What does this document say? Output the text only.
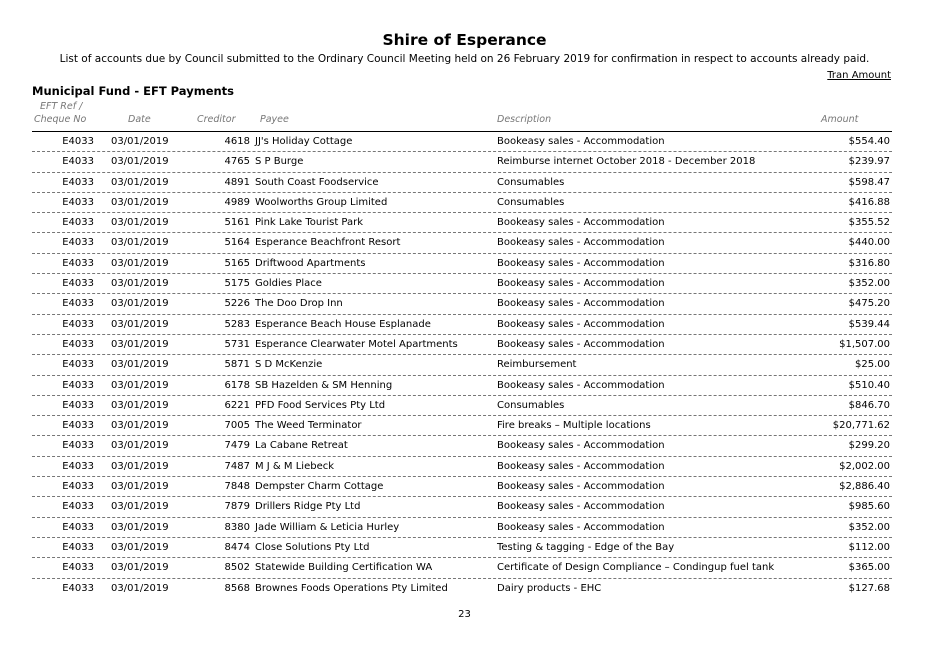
Shire of Esperance
List of accounts due by Council submitted to the Ordinary Council Meeting held on 26 February 2019 for confirmation in respect to accounts already paid.
Tran Amount
Municipal Fund - EFT Payments
EFT Ref /
Cheque No	Date	Creditor	Payee	Description	Amount
E4033 03/01/2019	4618 JJ's Holiday Cottage	Bookeasy sales - Accommodation	$554.40
E4033 03/01/2019	4765 S P Burge	Reimburse internet October 2018 - December 2018	$239.97
E4033 03/01/2019	4891 South Coast Foodservice	Consumables	$598.47
E4033 03/01/2019	4989 Woolworths Group Limited	Consumables	$416.88
E4033 03/01/2019	5161 Pink Lake Tourist Park	Bookeasy sales - Accommodation	$355.52
E4033 03/01/2019	5164 Esperance Beachfront Resort	Bookeasy sales - Accommodation	$440.00
E4033 03/01/2019	5165 Driftwood Apartments	Bookeasy sales - Accommodation	$316.80
E4033 03/01/2019	5175 Goldies Place	Bookeasy sales - Accommodation	$352.00
E4033 03/01/2019	5226 The Doo Drop Inn	Bookeasy sales - Accommodation	$475.20
E4033 03/01/2019	5283 Esperance Beach House Esplanade	Bookeasy sales - Accommodation	$539.44
E4033 03/01/2019	5731 Esperance Clearwater Motel Apartments	Bookeasy sales - Accommodation	$1,507.00
E4033 03/01/2019	5871 S D McKenzie	Reimbursement	$25.00
E4033 03/01/2019	6178 SB Hazelden & SM Henning	Bookeasy sales - Accommodation	$510.40
E4033 03/01/2019	6221 PFD Food Services Pty Ltd	Consumables	$846.70
E4033 03/01/2019	7005 The Weed Terminator	Fire breaks – Multiple locations	$20,771.62
E4033 03/01/2019	7479 La Cabane Retreat	Bookeasy sales - Accommodation	$299.20
E4033 03/01/2019	7487 M J & M Liebeck	Bookeasy sales - Accommodation	$2,002.00
E4033 03/01/2019	7848 Dempster Charm Cottage	Bookeasy sales - Accommodation	$2,886.40
E4033 03/01/2019	7879 Drillers Ridge Pty Ltd	Bookeasy sales - Accommodation	$985.60
E4033 03/01/2019	8380 Jade William & Leticia Hurley	Bookeasy sales - Accommodation	$352.00
E4033 03/01/2019	8474 Close Solutions Pty Ltd	Testing & tagging - Edge of the Bay	$112.00
E4033 03/01/2019	8502 Statewide Building Certification WA	Certificate of Design Compliance – Condingup fuel tank	$365.00
E4033 03/01/2019	8568 Brownes Foods Operations Pty Limited	Dairy products - EHC	$127.68
23
